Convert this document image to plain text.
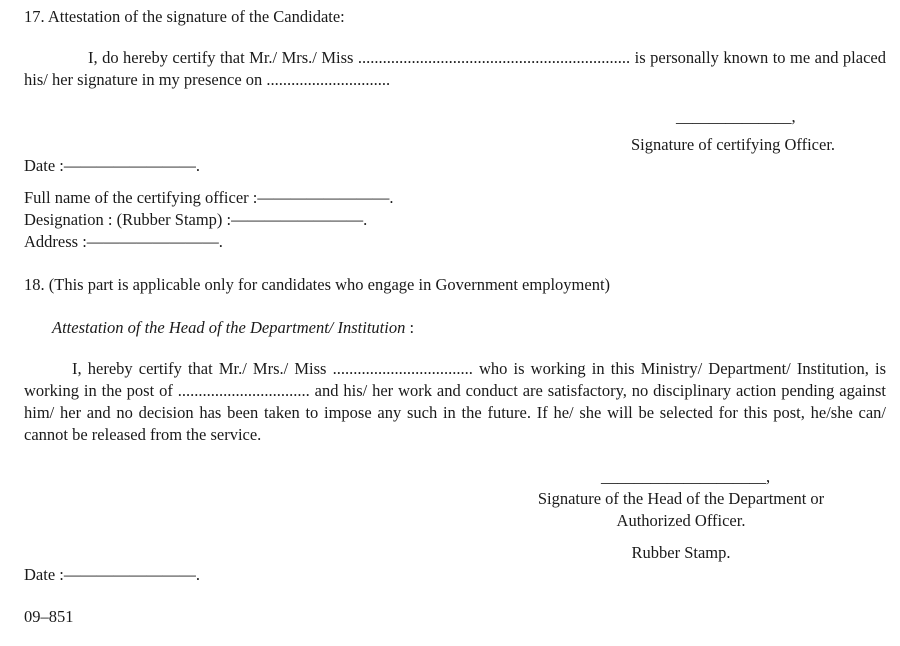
17. Attestation of the signature of the Candidate:
I, do hereby certify that Mr./ Mrs./ Miss .................................................................. is personally known to me and placed his/ her signature in my presence on ..............................
______________,
Signature of certifying Officer.
Date :————————.
Full name of the certifying officer :————————.
Designation : (Rubber Stamp) :————————.
Address :————————.
18. (This part is applicable only for candidates who engage in Government employment)
Attestation of the Head of the Department/ Institution :
I, hereby certify that Mr./ Mrs./ Miss .................................. who is working in this Ministry/ Department/ Institution, is working in the post of ................................ and his/ her work and conduct are satisfactory, no disciplinary action pending against him/ her and no decision has been taken to impose any such in the future. If he/ she will be selected for this post, he/she can/ cannot be released from the service.
____________________,
Signature of the Head of the Department or
Authorized Officer.
Rubber Stamp.
Date :————————.
09–851
